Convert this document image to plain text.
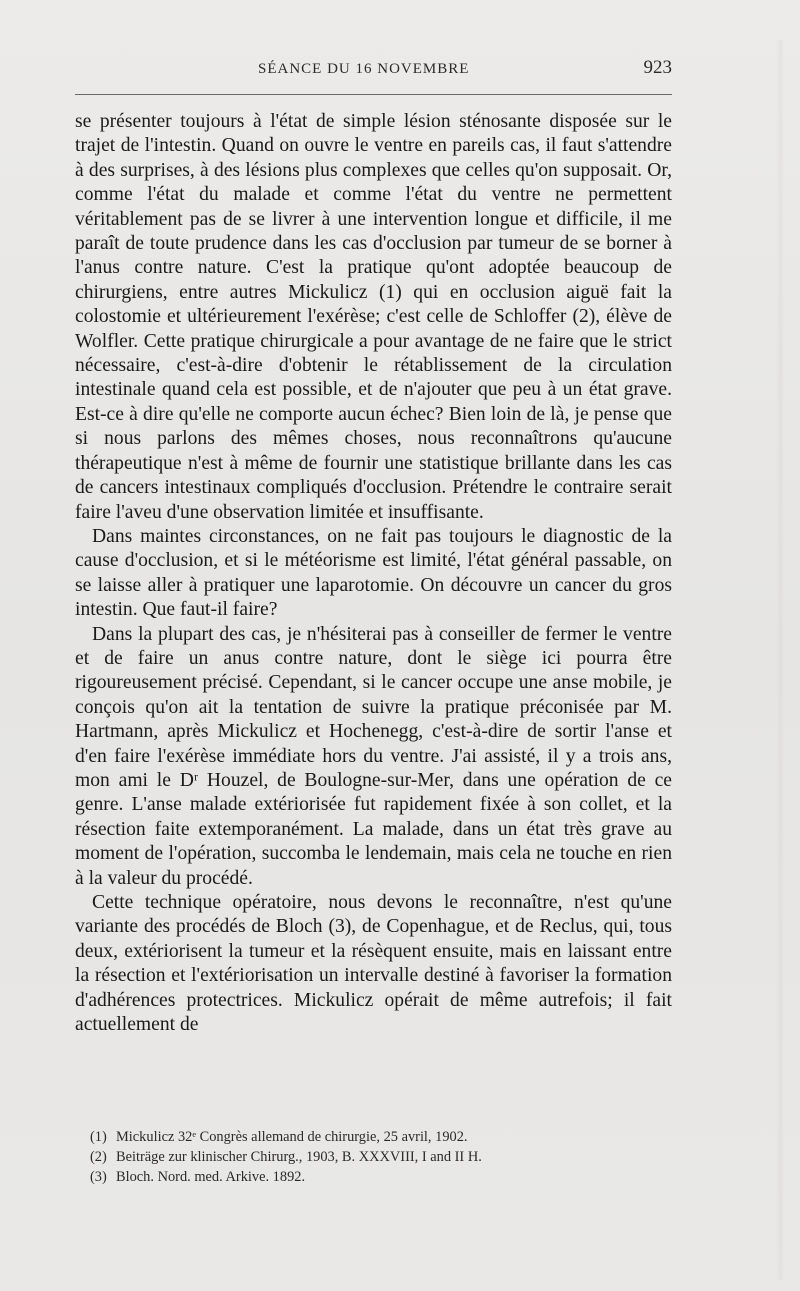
SÉANCE DU 16 NOVEMBRE	923

se présenter toujours à l'état de simple lésion sténosante disposée sur le trajet de l'intestin. Quand on ouvre le ventre en pareils cas, il faut s'attendre à des surprises, à des lésions plus complexes que celles qu'on supposait. Or, comme l'état du malade et comme l'état du ventre ne permettent véritablement pas de se livrer à une intervention longue et difficile, il me paraît de toute prudence dans les cas d'occlusion par tumeur de se borner à l'anus contre nature. C'est la pratique qu'ont adoptée beaucoup de chirurgiens, entre autres Mickulicz (1) qui en occlusion aiguë fait la colostomie et ultérieurement l'exérèse; c'est celle de Schloffer (2), élève de Wolfler. Cette pratique chirurgicale a pour avantage de ne faire que le strict nécessaire, c'est-à-dire d'obtenir le rétablissement de la circulation intestinale quand cela est possible, et de n'ajouter que peu à un état grave. Est-ce à dire qu'elle ne comporte aucun échec? Bien loin de là, je pense que si nous parlons des mêmes choses, nous reconnaîtrons qu'aucune thérapeutique n'est à même de fournir une statistique brillante dans les cas de cancers intestinaux compliqués d'occlusion. Prétendre le contraire serait faire l'aveu d'une observation limitée et insuffisante.

Dans maintes circonstances, on ne fait pas toujours le diagnostic de la cause d'occlusion, et si le météorisme est limité, l'état général passable, on se laisse aller à pratiquer une laparotomie. On découvre un cancer du gros intestin. Que faut-il faire?

Dans la plupart des cas, je n'hésiterai pas à conseiller de fermer le ventre et de faire un anus contre nature, dont le siège ici pourra être rigoureusement précisé. Cependant, si le cancer occupe une anse mobile, je conçois qu'on ait la tentation de suivre la pratique préconisée par M. Hartmann, après Mickulicz et Hochenegg, c'est-à-dire de sortir l'anse et d'en faire l'exérèse immédiate hors du ventre. J'ai assisté, il y a trois ans, mon ami le Dʳ Houzel, de Boulogne-sur-Mer, dans une opération de ce genre. L'anse malade extériorisée fut rapidement fixée à son collet, et la résection faite extemporanément. La malade, dans un état très grave au moment de l'opération, succomba le lendemain, mais cela ne touche en rien à la valeur du procédé.

Cette technique opératoire, nous devons le reconnaître, n'est qu'une variante des procédés de Bloch (3), de Copenhague, et de Reclus, qui, tous deux, extériorisent la tumeur et la résèquent ensuite, mais en laissant entre la résection et l'extériorisation un intervalle destiné à favoriser la formation d'adhérences protectrices. Mickulicz opérait de même autrefois; il fait actuellement de

(1) Mickulicz 32ᵉ Congrès allemand de chirurgie, 25 avril, 1902.
(2) Beiträge zur klinischer Chirurg., 1903, B. XXXVIII, I and II H.
(3) Bloch. Nord. med. Arkive. 1892.
